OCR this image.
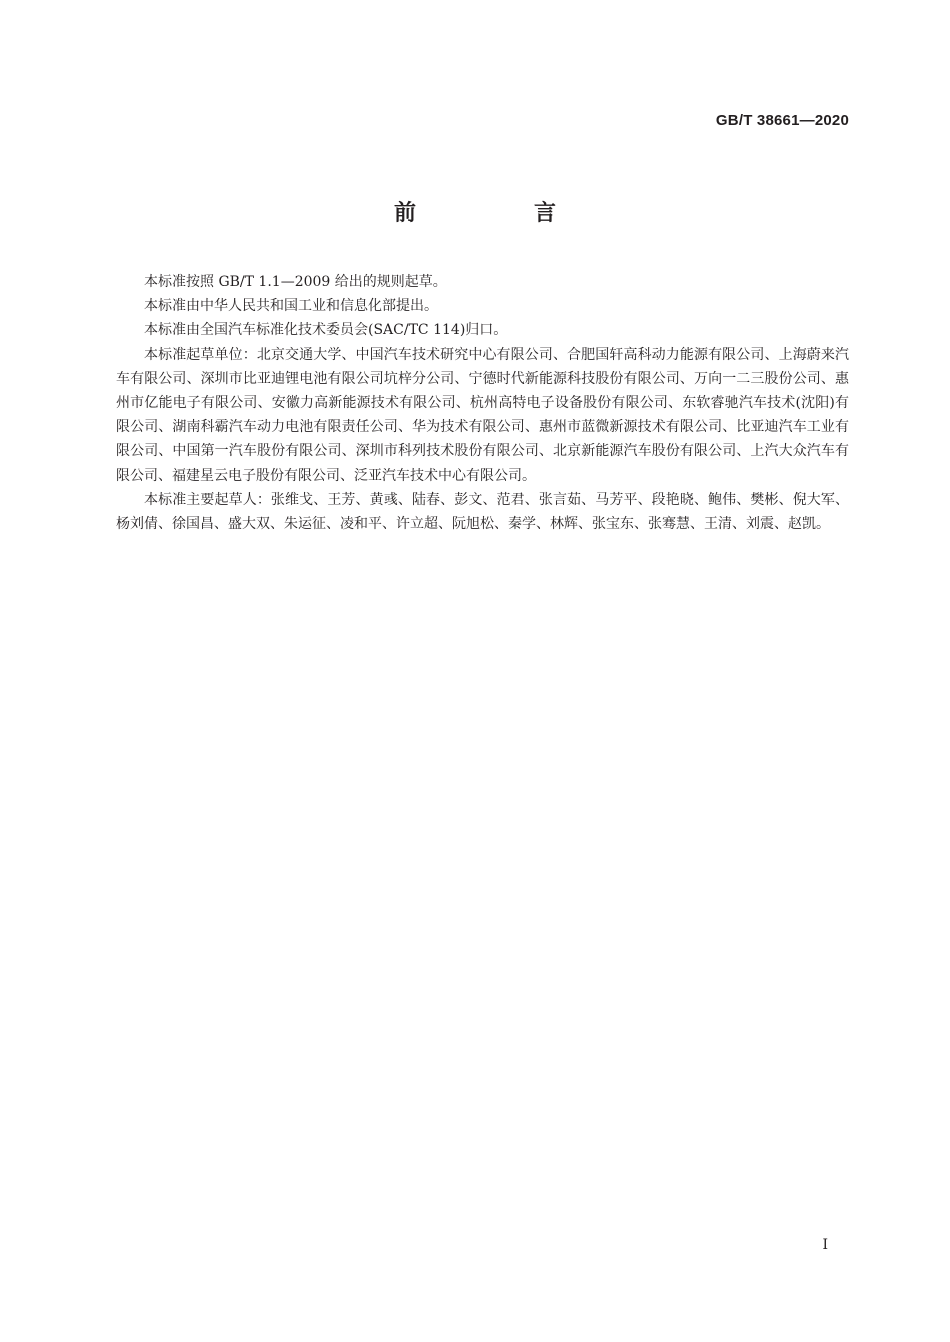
GB/T 38661—2020
前　言

本标准按照 GB/T 1.1—2009 给出的规则起草。

本标准由中华人民共和国工业和信息化部提出。

本标准由全国汽车标准化技术委员会(SAC/TC 114)归口。

本标准起草单位：北京交通大学、中国汽车技术研究中心有限公司、合肥国轩高科动力能源有限公司、上海蔚来汽车有限公司、深圳市比亚迪锂电池有限公司坑梓分公司、宁德时代新能源科技股份有限公司、万向一二三股份公司、惠州市亿能电子有限公司、安徽力高新能源技术有限公司、杭州高特电子设备股份有限公司、东软睿驰汽车技术(沈阳)有限公司、湖南科霸汽车动力电池有限责任公司、华为技术有限公司、惠州市蓝微新源技术有限公司、比亚迪汽车工业有限公司、中国第一汽车股份有限公司、深圳市科列技术股份有限公司、北京新能源汽车股份有限公司、上汽大众汽车有限公司、福建星云电子股份有限公司、泛亚汽车技术中心有限公司。

本标准主要起草人：张维戈、王芳、黄彧、陆春、彭文、范君、张言茹、马芳平、段艳晓、鲍伟、樊彬、倪大军、杨刘倩、徐国昌、盛大双、朱运征、凌和平、许立超、阮旭松、秦学、林辉、张宝东、张骞慧、王清、刘震、赵凯。

I
